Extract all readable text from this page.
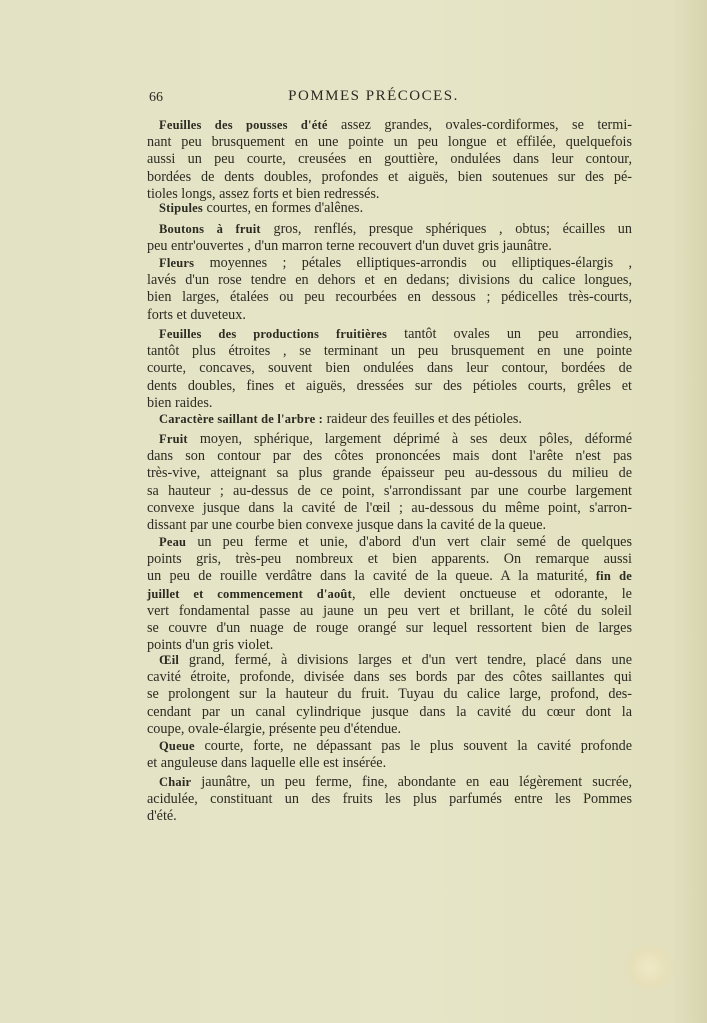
66	POMMES PRÉCOCES.
Feuilles des pousses d'été assez grandes, ovales-cordiformes, se termi-
nant peu brusquement en une pointe un peu longue et effilée, quelquefois
aussi un peu courte, creusées en gouttière, ondulées dans leur contour,
bordées de dents doubles, profondes et aiguës, bien soutenues sur des pé-
tioles longs, assez forts et bien redressés.
Stipules courtes, en formes d'alênes.
Boutons à fruit gros, renflés, presque sphériques , obtus; écailles un
peu entr'ouvertes , d'un marron terne recouvert d'un duvet gris jaunâtre.
Fleurs moyennes ; pétales elliptiques-arrondis ou elliptiques-élargis ,
lavés d'un rose tendre en dehors et en dedans; divisions du calice longues,
bien larges, étalées ou peu recourbées en dessous ; pédicelles très-courts,
forts et duveteux.
Feuilles des productions fruitières tantôt ovales un peu arrondies,
tantôt plus étroites , se terminant un peu brusquement en une pointe
courte, concaves, souvent bien ondulées dans leur contour, bordées de
dents doubles, fines et aiguës, dressées sur des pétioles courts, grêles et
bien raides.
Caractère saillant de l'arbre : raideur des feuilles et des pétioles.
Fruit moyen, sphérique, largement déprimé à ses deux pôles, déformé
dans son contour par des côtes prononcées mais dont l'arête n'est pas
très-vive, atteignant sa plus grande épaisseur peu au-dessous du milieu de
sa hauteur ; au-dessus de ce point, s'arrondissant par une courbe largement
convexe jusque dans la cavité de l'œil ; au-dessous du même point, s'arron-
dissant par une courbe bien convexe jusque dans la cavité de la queue.
Peau un peu ferme et unie, d'abord d'un vert clair semé de quelques
points gris, très-peu nombreux et bien apparents. On remarque aussi
un peu de rouille verdâtre dans la cavité de la queue. A la maturité, fin de
juillet et commencement d'août, elle devient onctueuse et odorante, le
vert fondamental passe au jaune un peu vert et brillant, le côté du soleil
se couvre d'un nuage de rouge orangé sur lequel ressortent bien de larges
points d'un gris violet.
Œil grand, fermé, à divisions larges et d'un vert tendre, placé dans une
cavité étroite, profonde, divisée dans ses bords par des côtes saillantes qui
se prolongent sur la hauteur du fruit. Tuyau du calice large, profond, des-
cendant par un canal cylindrique jusque dans la cavité du cœur dont la
coupe, ovale-élargie, présente peu d'étendue.
Queue courte, forte, ne dépassant pas le plus souvent la cavité profonde
et anguleuse dans laquelle elle est insérée.
Chair jaunâtre, un peu ferme, fine, abondante en eau légèrement sucrée,
acidulée, constituant un des fruits les plus parfumés entre les Pommes
d'été.
